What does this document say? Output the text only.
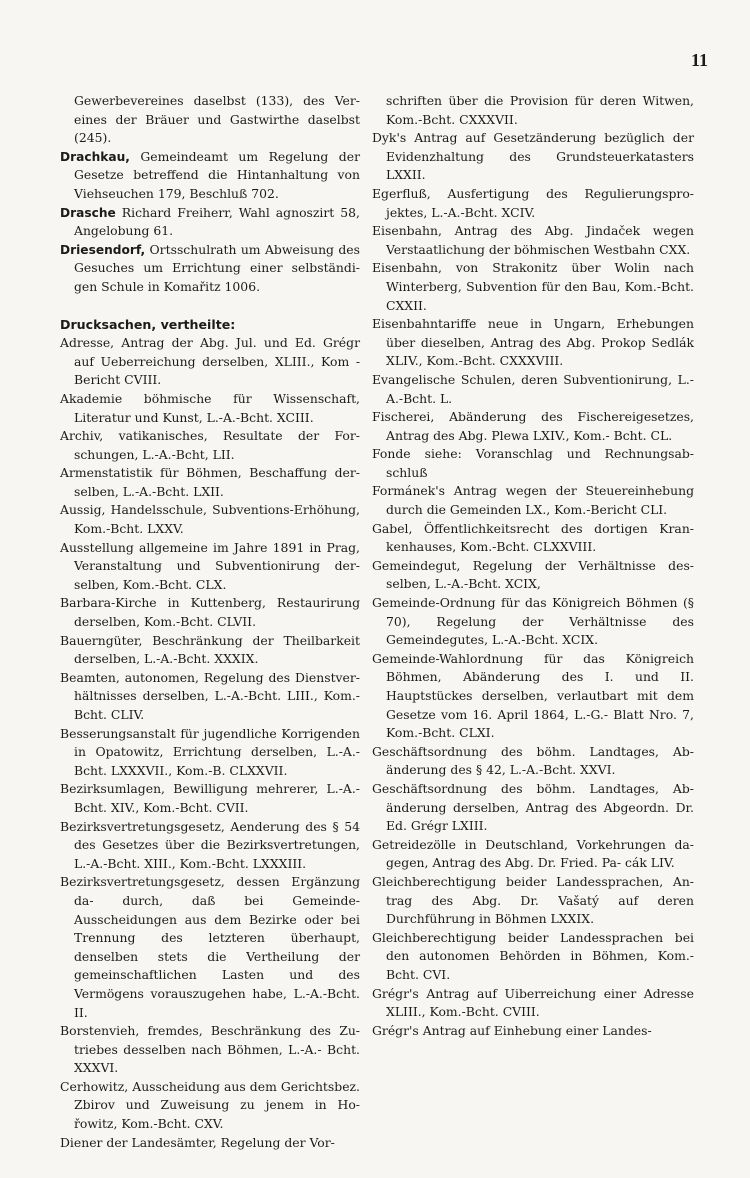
11

Gewerbevereines daselbst (133), des Ver- eines der Bräuer und Gastwirthe daselbst (245).

Drachkau, Gemeindeamt um Regelung der Gesetze betreffend die Hintanhaltung von Viehseuchen 179, Beschluß 702.

Drasche Richard Freiherr, Wahl agnoszirt 58, Angelobung 61.

Driesendorf, Ortsschulrath um Abweisung des Gesuches um Errichtung einer selbständi- gen Schule in Komařitz 1006.

Drucksachen, vertheilte:

Adresse, Antrag der Abg. Jul. und Ed. Grégr auf Ueberreichung derselben, XLIII., Kom - Bericht CVIII.

Akademie böhmische für Wissenschaft, Literatur und Kunst, L.-A.-Bcht. XCIII.

Archiv, vatikanisches, Resultate der For- schungen, L.-A.-Bcht, LII.

Armenstatistik für Böhmen, Beschaffung der- selben, L.-A.-Bcht. LXII.

Aussig, Handelsschule, Subventions-Erhöhung, Kom.-Bcht. LXXV.

Ausstellung allgemeine im Jahre 1891 in Prag, Veranstaltung und Subventionirung der- selben, Kom.-Bcht. CLX.

Barbara-Kirche in Kuttenberg, Restaurirung derselben, Kom.-Bcht. CLVII.

Bauerngüter, Beschränkung der Theilbarkeit derselben, L.-A.-Bcht. XXXIX.

Beamten, autonomen, Regelung des Dienstver- hältnisses derselben, L.-A.-Bcht. LIII., Kom.-Bcht. CLIV.

Besserungsanstalt für jugendliche Korrigenden in Opatowitz, Errichtung derselben, L.-A.- Bcht. LXXXVII., Kom.-B. CLXXVII.

Bezirksumlagen, Bewilligung mehrerer, L.-A.- Bcht. XIV., Kom.-Bcht. CVII.

Bezirksvertretungsgesetz, Aenderung des § 54 des Gesetzes über die Bezirksvertretungen, L.-A.-Bcht. XIII., Kom.-Bcht. LXXXIII.

Bezirksvertretungsgesetz, dessen Ergänzung da- durch, daß bei Gemeinde-Ausscheidungen aus dem Bezirke oder bei Trennung des letzteren überhaupt, denselben stets die Vertheilung der gemeinschaftlichen Lasten und des Vermögens vorauszugehen habe, L.-A.-Bcht. II.

Borstenvieh, fremdes, Beschränkung des Zu- triebes desselben nach Böhmen, L.-A.- Bcht. XXXVI.

Cerhowitz, Ausscheidung aus dem Gerichtsbez. Zbirov und Zuweisung zu jenem in Ho- řowitz, Kom.-Bcht. CXV.

Diener der Landesämter, Regelung der Vor-

schriften über die Provision für deren Witwen, Kom.-Bcht. CXXXVII.

Dyk's Antrag auf Gesetzänderung bezüglich der Evidenzhaltung des Grundsteuerkatasters LXXII.

Egerfluß, Ausfertigung des Regulierungspro- jektes, L.-A.-Bcht. XCIV.

Eisenbahn, Antrag des Abg. Jindaček wegen Verstaatlichung der böhmischen Westbahn CXX.

Eisenbahn, von Strakonitz über Wolin nach Winterberg, Subvention für den Bau, Kom.-Bcht. CXXII.

Eisenbahntariffe neue in Ungarn, Erhebungen über dieselben, Antrag des Abg. Prokop Sedlák XLIV., Kom.-Bcht. CXXXVIII.

Evangelische Schulen, deren Subventionirung, L.-A.-Bcht. L.

Fischerei, Abänderung des Fischereigesetzes, Antrag des Abg. Plewa LXIV., Kom.- Bcht. CL.

Fonde siehe: Voranschlag und Rechnungsab- schluß

Formánek's Antrag wegen der Steuereinhebung durch die Gemeinden LX., Kom.-Bericht CLI.

Gabel, Öffentlichkeitsrecht des dortigen Kran- kenhauses, Kom.-Bcht. CLXXVIII.

Gemeindegut, Regelung der Verhältnisse des- selben, L.-A.-Bcht. XCIX,

Gemeinde-Ordnung für das Königreich Böhmen (§ 70), Regelung der Verhältnisse des Gemeindegutes, L.-A.-Bcht. XCIX.

Gemeinde-Wahlordnung für das Königreich Böhmen, Abänderung des I. und II. Hauptstückes derselben, verlautbart mit dem Gesetze vom 16. April 1864, L.-G.- Blatt Nro. 7, Kom.-Bcht. CLXI.

Geschäftsordnung des böhm. Landtages, Ab- änderung des § 42, L.-A.-Bcht. XXVI.

Geschäftsordnung des böhm. Landtages, Ab- änderung derselben, Antrag des Abgeordn. Dr. Ed. Grégr LXIII.

Getreidezölle in Deutschland, Vorkehrungen da- gegen, Antrag des Abg. Dr. Fried. Pa- cák LIV.

Gleichberechtigung beider Landessprachen, An- trag des Abg. Dr. Vašatý auf deren Durchführung in Böhmen LXXIX.

Gleichberechtigung beider Landessprachen bei den autonomen Behörden in Böhmen, Kom.-Bcht. CVI.

Grégr's Antrag auf Uiberreichung einer Adresse XLIII., Kom.-Bcht. CVIII.

Grégr's Antrag auf Einhebung einer Landes-
